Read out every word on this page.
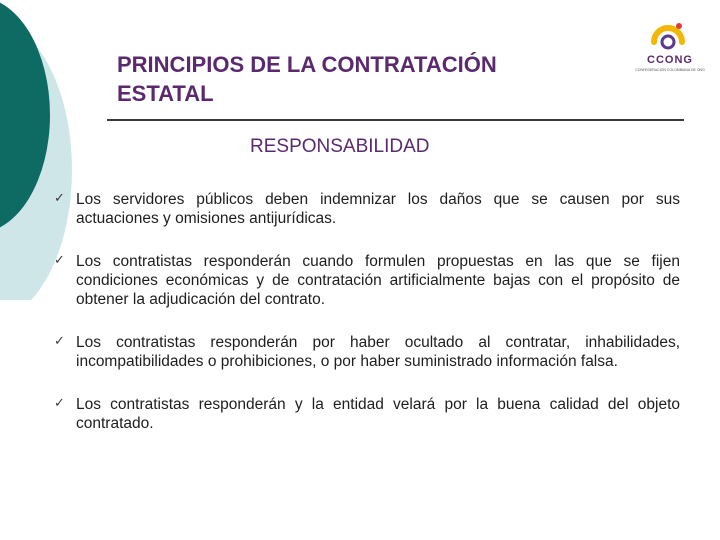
PRINCIPIOS DE LA CONTRATACIÓN ESTATAL
CCONG
CONFEDERACIÓN COLOMBIANA DE ONG
RESPONSABILIDAD
✓ Los servidores públicos deben indemnizar los daños que se causen por sus actuaciones y omisiones antijurídicas.
✓ Los contratistas responderán cuando formulen propuestas en las que se fijen condiciones económicas y de contratación artificialmente bajas con el propósito de obtener la adjudicación del contrato.
✓ Los contratistas responderán por haber ocultado al contratar, inhabilidades, incompatibilidades o prohibiciones, o por haber suministrado información falsa.
✓ Los contratistas responderán y la entidad velará por la buena calidad del objeto contratado.
